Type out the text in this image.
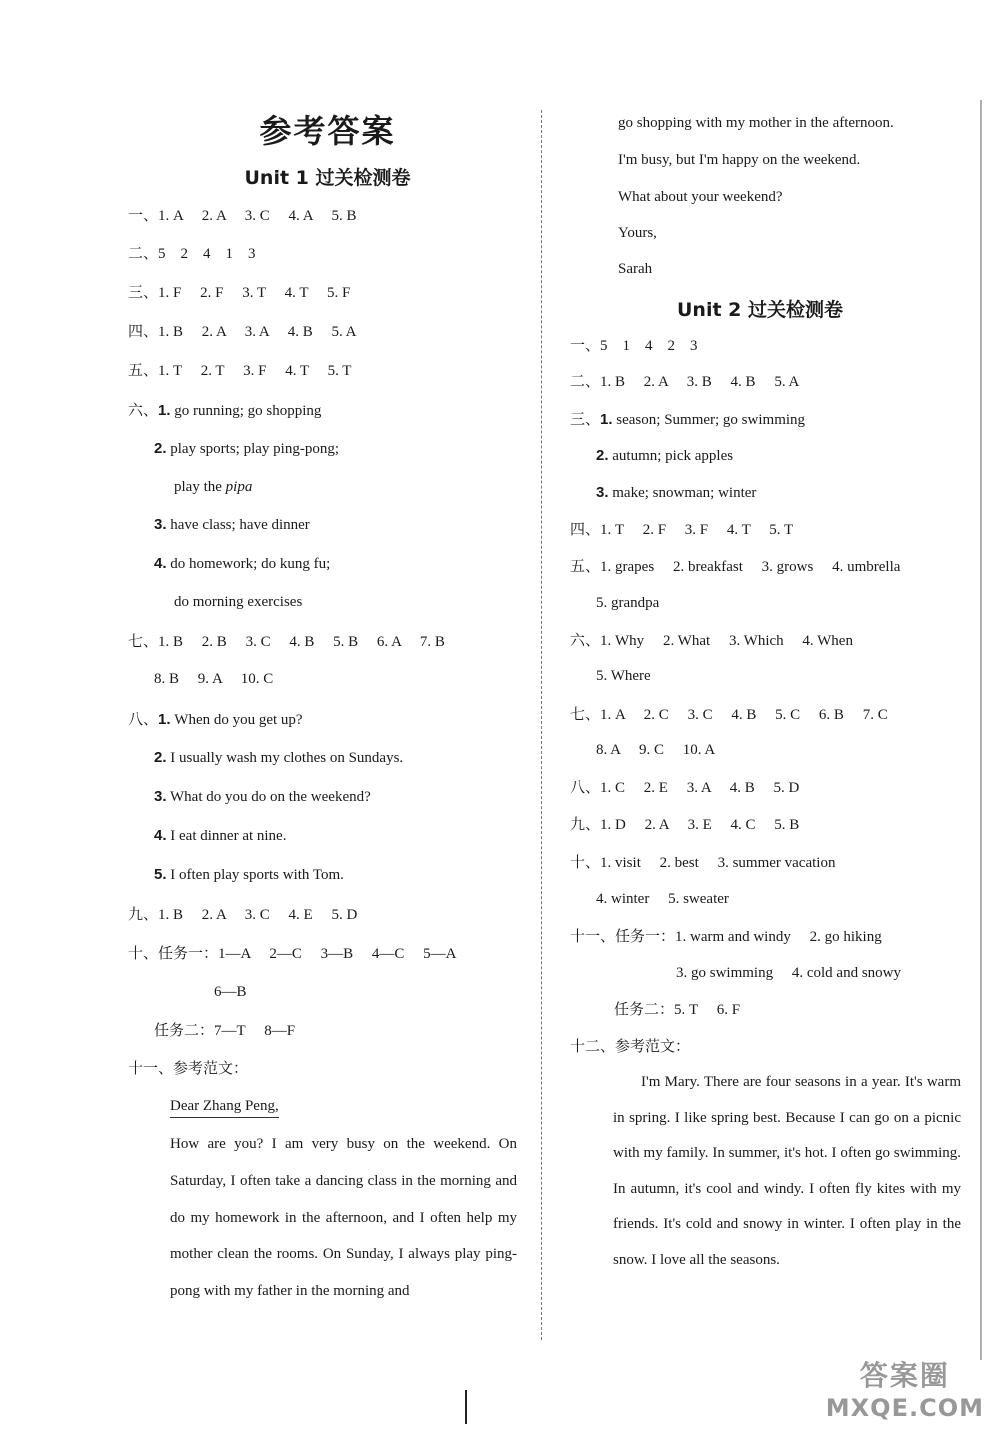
参考答案
Unit 1 过关检测卷
一、1. A　 2. A　 3. C　 4. A　 5. B
二、5　2　4　1　3
三、1. F　 2. F　 3. T　 4. T　 5. F
四、1. B　 2. A　 3. A　 4. B　 5. A
五、1. T　 2. T　 3. F　 4. T　 5. T
六、1. go running; go shopping
2. play sports; play ping-pong;
play the pipa
3. have class; have dinner
4. do homework; do kung fu;
do morning exercises
七、1. B　 2. B　 3. C　 4. B　 5. B　 6. A　 7. B
8. B　 9. A　 10. C
八、1. When do you get up?
2. I usually wash my clothes on Sundays.
3. What do you do on the weekend?
4. I eat dinner at nine.
5. I often play sports with Tom.
九、1. B　 2. A　 3. C　 4. E　 5. D
十、任务一：1—A　 2—C　 3—B　 4—C　 5—A
6—B
任务二：7—T　 8—F
十一、参考范文：
Dear Zhang Peng,

How are you? I am very busy on the weekend. On Saturday, I often take a dancing class in the morning and do my homework in the afternoon, and I often help my mother clean the rooms. On Sunday, I always play ping-pong with my father in the morning and

go shopping with my mother in the afternoon.
I'm busy, but I'm happy on the weekend.
What about your weekend?
Yours,
Sarah
Unit 2 过关检测卷
一、5　1　4　2　3
二、1. B　 2. A　 3. B　 4. B　 5. A
三、1. season; Summer; go swimming
2. autumn; pick apples
3. make; snowman; winter
四、1. T　 2. F　 3. F　 4. T　 5. T
五、1. grapes　 2. breakfast　 3. grows　 4. umbrella
5. grandpa
六、1. Why　 2. What　 3. Which　 4. When
5. Where
七、1. A　 2. C　 3. C　 4. B　 5. C　 6. B　 7. C
8. A　 9. C　 10. A
八、1. C　 2. E　 3. A　 4. B　 5. D
九、1. D　 2. A　 3. E　 4. C　 5. B
十、1. visit　 2. best　 3. summer vacation
4. winter　 5. sweater
十一、任务一：1. warm and windy　 2. go hiking
3. go swimming　 4. cold and snowy
任务二：5. T　 6. F
十二、参考范文：

I'm Mary. There are four seasons in a year. It's warm in spring. I like spring best. Because I can go on a picnic with my family. In summer, it's hot. I often go swimming. In autumn, it's cool and windy. I often fly kites with my friends. It's cold and snowy in winter. I often play in the snow. I love all the seasons.

答案圈
MXQE.COM
